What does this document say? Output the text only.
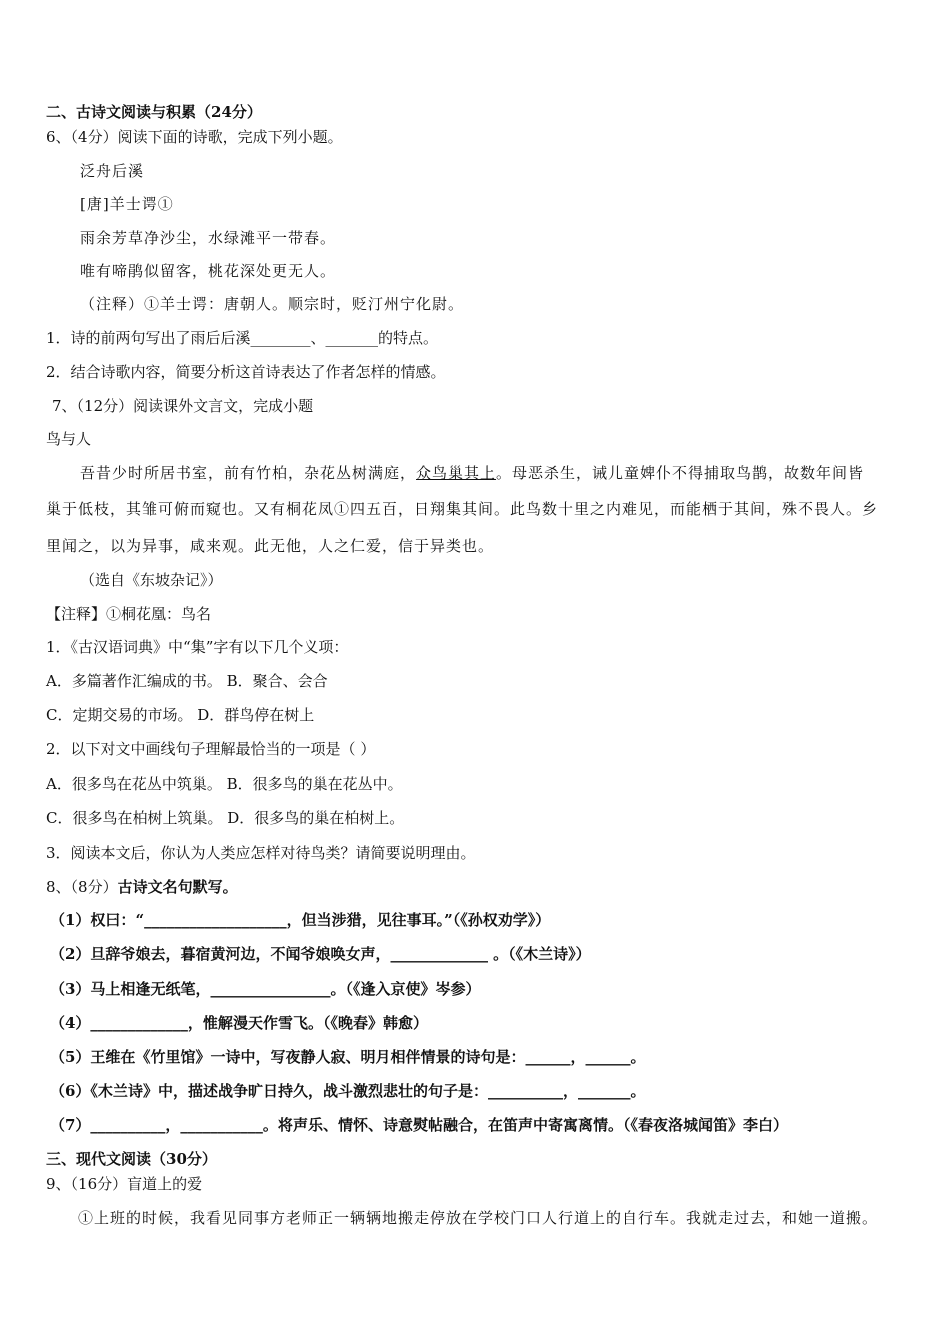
二、古诗文阅读与积累（24分）
6、（4分）阅读下面的诗歌，完成下列小题。
泛舟后溪
[唐]羊士谔①
雨余芳草净沙尘，水绿滩平一带春。
唯有啼鹃似留客，桃花深处更无人。
（注释）①羊士谔：唐朝人。顺宗时，贬汀州宁化尉。
1．诗的前两句写出了雨后后溪________、_______的特点。
2．结合诗歌内容，简要分析这首诗表达了作者怎样的情感。
7、（12分）阅读课外文言文，完成小题
鸟与人
吾昔少时所居书室，前有竹柏，杂花丛树满庭，众鸟巢其上。母恶杀生，诫儿童婢仆不得捕取鸟鹊，故数年间皆
巢于低枝，其雏可俯而窥也。又有桐花凤①四五百，日翔集其间。此鸟数十里之内难见，而能栖于其间，殊不畏人。乡
里闻之，以为异事，咸来观。此无他，人之仁爱，信于异类也。
（选自《东坡杂记》）
【注释】①桐花凰：鸟名
1．《古汉语词典》中“集”字有以下几个义项：
A．多篇著作汇编成的书。 B．聚合、会合
C．定期交易的市场。 D．群鸟停在树上
2．以下对文中画线句子理解最恰当的一项是（ ）
A．很多鸟在花丛中筑巢。 B．很多鸟的巢在花丛中。
C．很多鸟在柏树上筑巢。 D．很多鸟的巢在柏树上。
3．阅读本文后，你认为人类应怎样对待鸟类？请简要说明理由。
8、（8分）古诗文名句默写。
（1）权曰：“___________________，但当涉猎，见往事耳。”（《孙权劝学》）
（2）旦辞爷娘去，暮宿黄河边，不闻爷娘唤女声，_____________ 。（《木兰诗》）
（3）马上相逢无纸笔，________________。（《逢入京使》岑参）
（4）_____________，惟解漫天作雪飞。（《晚春》韩愈）
（5）王维在《竹里馆》一诗中，写夜静人寂、明月相伴情景的诗句是：______，______。
（6）《木兰诗》中，描述战争旷日持久，战斗激烈悲壮的句子是：__________，_______。
（7）__________，___________。将声乐、情怀、诗意熨帖融合，在笛声中寄寓离情。（《春夜洛城闻笛》李白）
三、现代文阅读（30分）
9、（16分）盲道上的爱
①上班的时候，我看见同事方老师正一辆辆地搬走停放在学校门口人行道上的自行车。我就走过去，和她一道搬。
